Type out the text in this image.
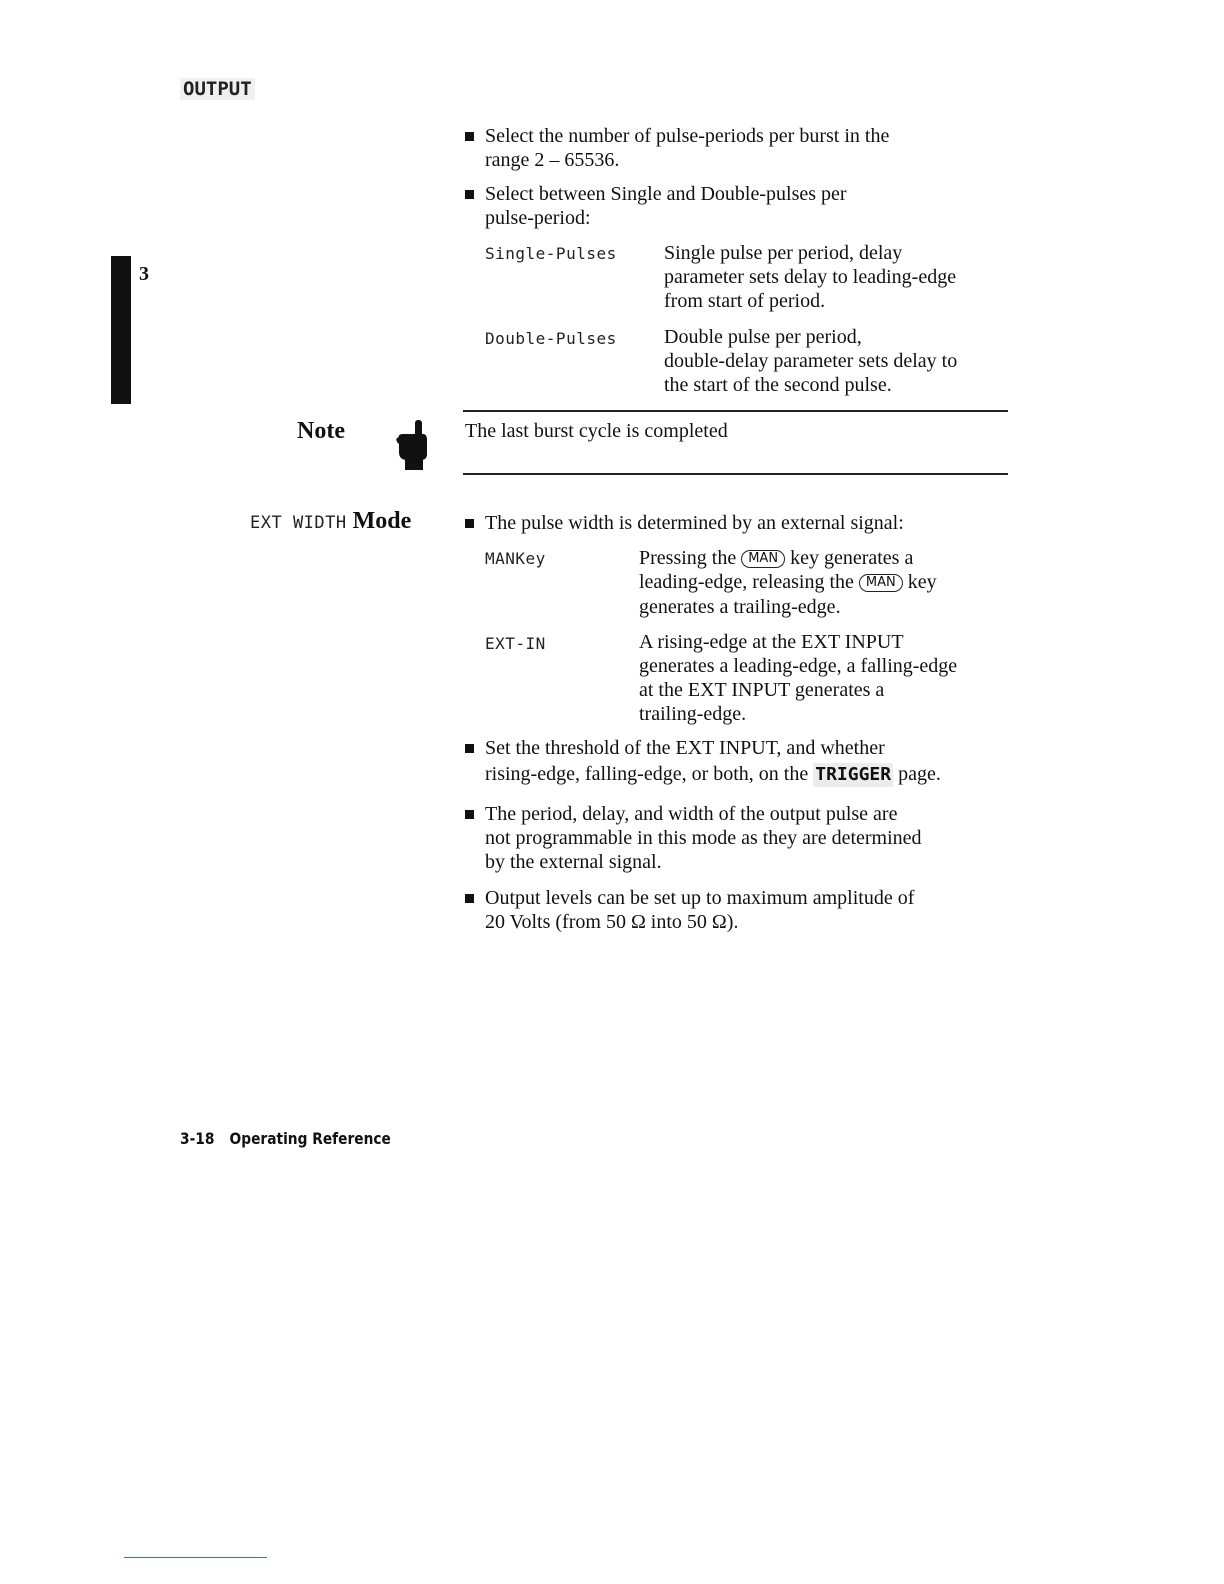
OUTPUT
3
Select the number of pulse-periods per burst in the
range 2 – 65536.
Select between Single and Double-pulses per
pulse-period:
Single-Pulses Single pulse per period, delay
parameter sets delay to leading-edge
from start of period.
Double-Pulses Double pulse per period,
double-delay parameter sets delay to
the start of the second pulse.
Note	The last burst cycle is completed
EXT WIDTH Mode	The pulse width is determined by an external signal:
MANKey	Pressing the MAN key generates a
leading-edge, releasing the MAN key
generates a trailing-edge.
EXT-IN	A rising-edge at the EXT INPUT
generates a leading-edge, a falling-edge
at the EXT INPUT generates a
trailing-edge.
Set the threshold of the EXT INPUT, and whether
rising-edge, falling-edge, or both, on the TRIGGER page.
The period, delay, and width of the output pulse are
not programmable in this mode as they are determined
by the external signal.
Output levels can be set up to maximum amplitude of
20 Volts (from 50 Ω into 50 Ω).
3-18 Operating Reference
